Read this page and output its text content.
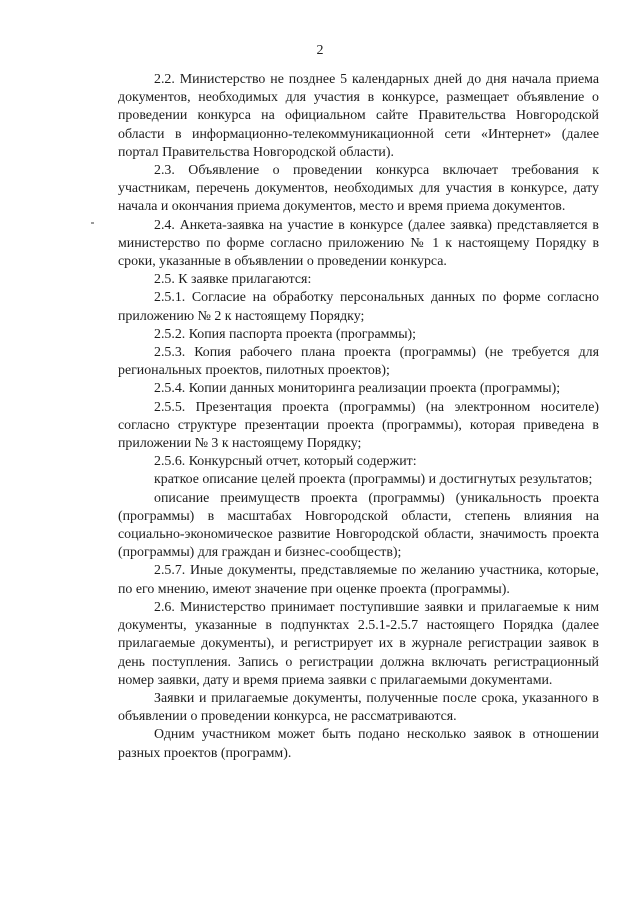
2

2.2. Министерство не позднее 5 календарных дней до дня начала приема документов, необходимых для участия в конкурсе, размещает объявление о проведении конкурса на официальном сайте Правительства Новгородской области в информационно-телекоммуникационной сети «Интернет» (далее портал Правительства Новгородской области).

2.3. Объявление о проведении конкурса включает требования к участникам, перечень документов, необходимых для участия в конкурсе, дату начала и окончания приема документов, место и время приема документов.

2.4. Анкета-заявка на участие в конкурсе (далее заявка) представляется в министерство по форме согласно приложению № 1 к настоящему Порядку в сроки, указанные в объявлении о проведении конкурса.

2.5. К заявке прилагаются:

2.5.1. Согласие на обработку персональных данных по форме согласно приложению № 2 к настоящему Порядку;

2.5.2. Копия паспорта проекта (программы);

2.5.3. Копия рабочего плана проекта (программы) (не требуется для региональных проектов, пилотных проектов);

2.5.4. Копии данных мониторинга реализации проекта (программы);

2.5.5. Презентация проекта (программы) (на электронном носителе) согласно структуре презентации проекта (программы), которая приведена в приложении № 3 к настоящему Порядку;

2.5.6. Конкурсный отчет, который содержит:

краткое описание целей проекта (программы) и достигнутых результатов;

описание преимуществ проекта (программы) (уникальность проекта (программы) в масштабах Новгородской области, степень влияния на социально-экономическое развитие Новгородской области, значимость проекта (программы) для граждан и бизнес-сообществ);

2.5.7. Иные документы, представляемые по желанию участника, которые, по его мнению, имеют значение при оценке проекта (программы).

2.6. Министерство принимает поступившие заявки и прилагаемые к ним документы, указанные в подпунктах 2.5.1-2.5.7 настоящего Порядка (далее прилагаемые документы), и регистрирует их в журнале регистрации заявок в день поступления. Запись о регистрации должна включать регистрационный номер заявки, дату и время приема заявки с прилагаемыми документами.

Заявки и прилагаемые документы, полученные после срока, указанного в объявлении о проведении конкурса, не рассматриваются.

Одним участником может быть подано несколько заявок в отношении разных проектов (программ).
